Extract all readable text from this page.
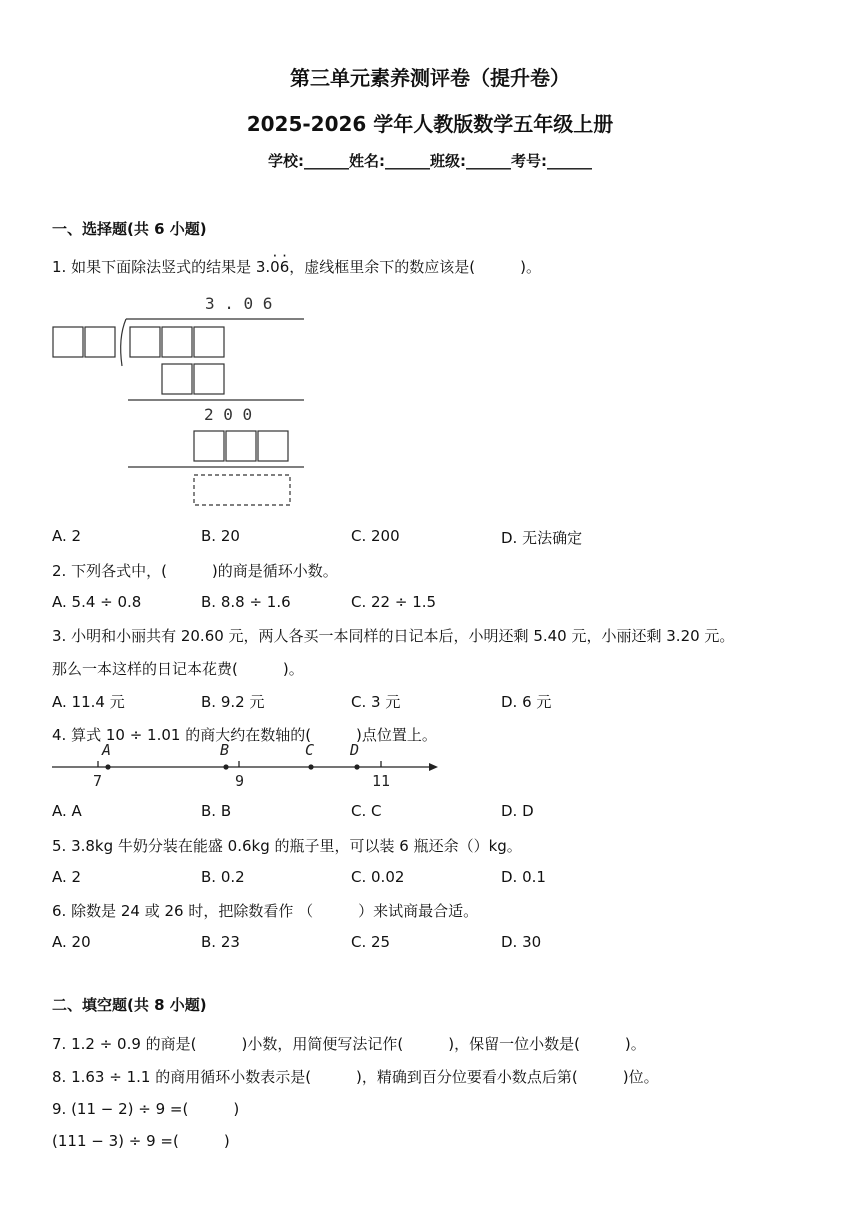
第三单元素养测评卷（提升卷）
2025-2026 学年人教版数学五年级上册
学校:______姓名:______班级:______考号:______
一、选择题(共 6 小题)
1. 如果下面除法竖式的结果是 3.0 ·6 ·，虚线框里余下的数应该是(　　　)。
3 . 0 6
2 0 0
A. 2	B. 20	C. 200	D. 无法确定
2. 下列各式中，(　　　)的商是循环小数。
A. 5.4 ÷ 0.8	B. 8.8 ÷ 1.6	C. 22 ÷ 1.5
3. 小明和小丽共有 20.60 元，两人各买一本同样的日记本后，小明还剩 5.40 元，小丽还剩 3.20 元。
那么一本这样的日记本花费(　　　)。
A. 11.4 元	B. 9.2 元	C. 3 元	D. 6 元
4. 算式 10 ÷ 1.01 的商大约在数轴的(　　　)点位置上。
7	9	11
A	B	C D
A. A	B. B	C. C	D. D
5. 3.8kg 牛奶分装在能盛 0.6kg 的瓶子里，可以装 6 瓶还余（）kg。
A. 2	B. 0.2	C. 0.02	D. 0.1
6. 除数是 24 或 26 时，把除数看作 （　　　）来试商最合适。
A. 20	B. 23	C. 25	D. 30
二、填空题(共 8 小题)
7. 1.2 ÷ 0.9 的商是(　　　)小数，用简便写法记作(　　　)，保留一位小数是(　　　)。
8. 1.63 ÷ 1.1 的商用循环小数表示是(　　　)，精确到百分位要看小数点后第(　　　)位。
9. (11 − 2) ÷ 9 =(　　　)
(111 − 3) ÷ 9 =(　　　)
